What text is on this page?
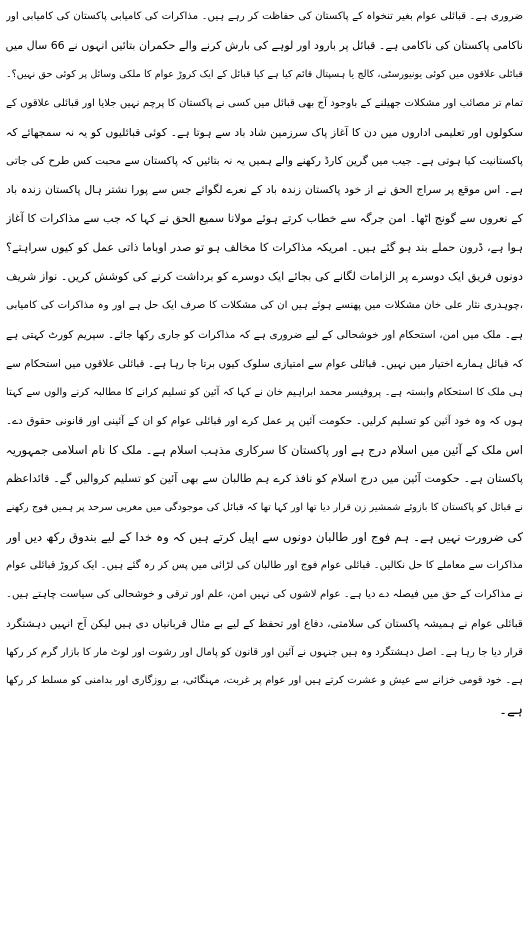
ضروری ہے۔ قبائلی عوام بغیر تنخواہ کے پاکستان کی حفاظت کر رہے ہیں۔ مذاکرات کی کامیابی پاکستان کی کامیابی اور
ناکامی پاکستان کی ناکامی ہے۔ قبائل پر بارود اور لوہے کی بارش کرنے والے حکمران بتائیں انہوں نے 66 سال میں
قبائلی علاقوں میں کوئی یونیورسٹی، کالج یا ہسپتال قائم کیا ہے کیا قبائل کے ایک کروڑ عوام کا ملکی وسائل پر کوئی حق نہیں؟۔
تمام تر مصائب اور مشکلات جھیلنے کے باوجود آج بھی قبائل میں کسی نے پاکستان کا پرچم نہیں جلایا اور قبائلی علاقوں کے
سکولوں اور تعلیمی اداروں میں دن کا آغاز پاک سرزمین شاد باد سے ہوتا ہے۔ کوئی قبائلیوں کو یہ نہ سمجھائے کہ
پاکستانیت کیا ہوتی ہے۔ جیب میں گرین کارڈ رکھنے والے ہمیں یہ نہ بتائیں کہ پاکستان سے محبت کس طرح کی جاتی
ہے۔ اس موقع پر سراج الحق نے از خود پاکستان زندہ باد کے نعرے لگوائے جس سے پورا نشتر ہال پاکستان زندہ باد
کے نعروں سے گونج اٹھا۔ امن جرگہ سے خطاب کرتے ہوئے مولانا سمیع الحق نے کہا کہ جب سے مذاکرات کا آغاز
ہوا ہے، ڈرون حملے بند ہو گئے ہیں۔ امریکہ مذاکرات کا مخالف ہو تو صدر اوباما ذاتی عمل کو کیوں سراہتے؟
دونوں فریق ایک دوسرے پر الزامات لگانے کی بجائے ایک دوسرے کو برداشت کرنے کی کوشش کریں۔ نواز شریف
،چوہدری نثار علی خان مشکلات میں پھنسے ہوئے ہیں ان کی مشکلات کا صرف ایک حل ہے اور وہ مذاکرات کی کامیابی
ہے۔ ملک میں امن، استحکام اور خوشحالی کے لیے ضروری ہے کہ مذاکرات کو جاری رکھا جائے۔ سپریم کورٹ کہتی ہے
کہ قبائل ہمارے اختیار میں نہیں۔ قبائلی عوام سے امتیازی سلوک کیوں برتا جا رہا ہے۔ قبائلی علاقوں میں استحکام سے
ہی ملک کا استحکام وابستہ ہے۔ پروفیسر محمد ابراہیم خان نے کہا کہ آئین کو تسلیم کرانے کا مطالبہ کرنے والوں سے کہتا
ہوں کہ وہ خود آئین کو تسلیم کرلیں۔ حکومت آئین پر عمل کرے اور قبائلی عوام کو ان کے آئینی اور قانونی حقوق دے۔
اس ملک کے آئین میں اسلام درج ہے اور پاکستان کا سرکاری مذہب اسلام ہے۔ ملک کا نام اسلامی جمہوریہ
پاکستان ہے۔ حکومت آئین میں درج اسلام کو نافذ کرے ہم طالبان سے بھی آئین کو تسلیم کروالیں گے۔ قائداعظم
نے قبائل کو پاکستان کا بازوئے شمشیر زن قرار دیا تھا اور کہا تھا کہ قبائل کی موجودگی میں مغربی سرحد پر ہمیں فوج رکھنے
کی ضرورت نہیں ہے۔ ہم فوج اور طالبان دونوں سے اپیل کرتے ہیں کہ وہ خدا کے لیے بندوق رکھ دیں اور
مذاکرات سے معاملے کا حل نکالیں۔ قبائلی عوام فوج اور طالبان کی لڑائی میں پس کر رہ گئے ہیں۔ ایک کروڑ قبائلی عوام
نے مذاکرات کے حق میں فیصلہ دے دیا ہے۔ عوام لاشوں کی نہیں امن، علم اور ترقی و خوشحالی کی سیاست چاہتے ہیں۔
قبائلی عوام نے ہمیشہ پاکستان کی سلامتی، دفاع اور تحفظ کے لیے بے مثال قربانیاں دی ہیں لیکن آج انہیں دہشتگرد
قرار دیا جا رہا ہے۔ اصل دہشتگرد وہ ہیں جنہوں نے آئین اور قانون کو پامال اور رشوت اور لوٹ مار کا بازار گرم کر رکھا
ہے۔ خود قومی خزانے سے عیش و عشرت کرتے ہیں اور عوام پر غربت، مہنگائی، بے روزگاری اور بدامنی کو مسلط کر رکھا
ہے۔
